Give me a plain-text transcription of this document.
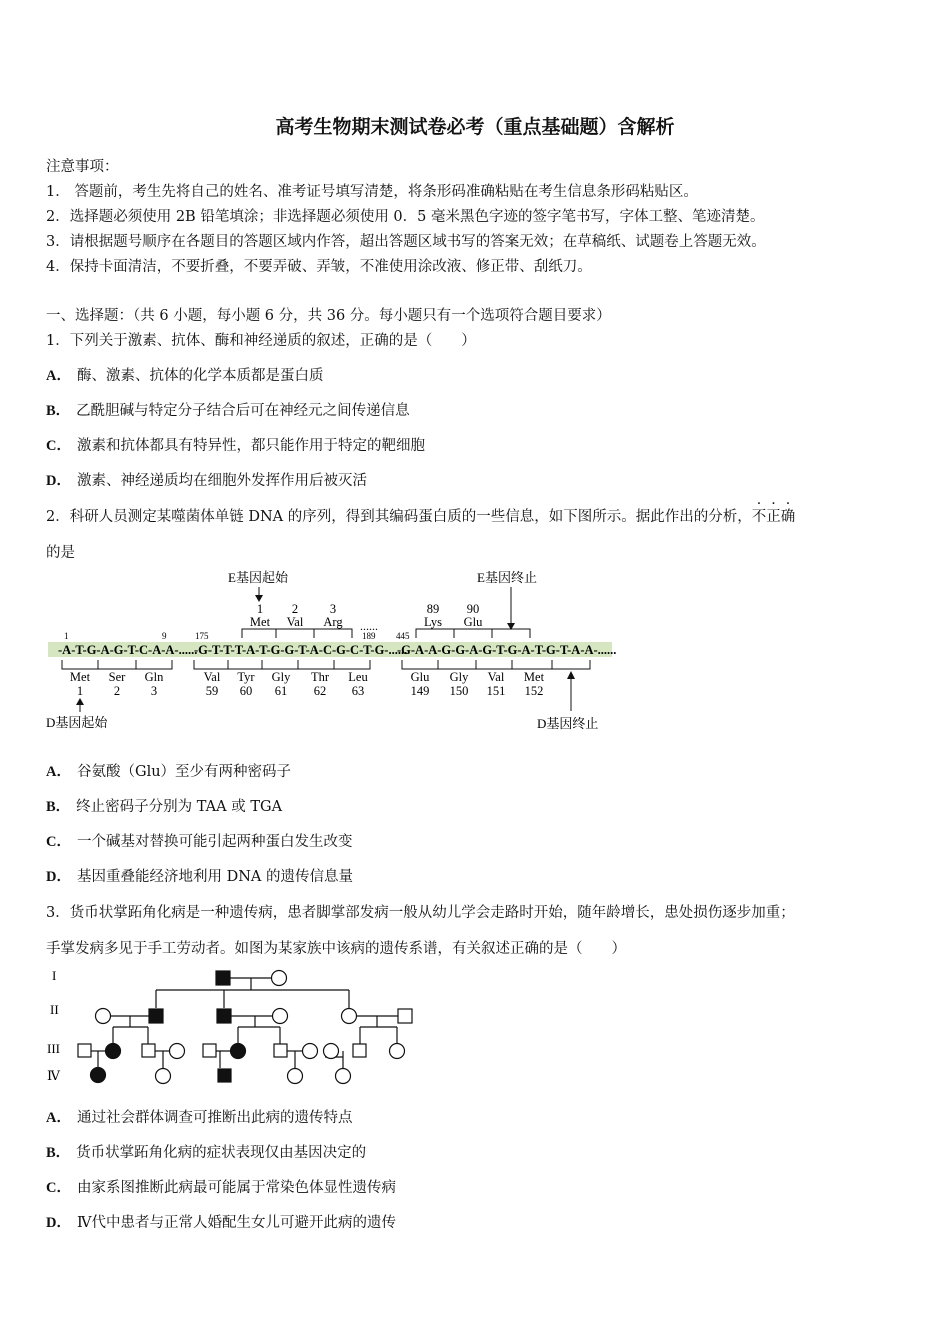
高考生物期末测试卷必考（重点基础题）含解析
注意事项：
1． 答题前，考生先将自己的姓名、准考证号填写清楚，将条形码准确粘贴在考生信息条形码粘贴区。
2．选择题必须使用 2B 铅笔填涂；非选择题必须使用 0．5 毫米黑色字迹的签字笔书写，字体工整、笔迹清楚。
3．请根据题号顺序在各题目的答题区域内作答，超出答题区域书写的答案无效；在草稿纸、试题卷上答题无效。
4．保持卡面清洁，不要折叠，不要弄破、弄皱，不准使用涂改液、修正带、刮纸刀。
一、选择题：（共 6 小题，每小题 6 分，共 36 分。每小题只有一个选项符合题目要求）
1．下列关于激素、抗体、酶和神经递质的叙述，正确的是（　　）
A． 酶、激素、抗体的化学本质都是蛋白质
B． 乙酰胆碱与特定分子结合后可在神经元之间传递信息
C． 激素和抗体都具有特异性，都只能作用于特定的靶细胞
D． 激素、神经递质均在细胞外发挥作用后被灭活
2．科研人员测定某噬菌体单链 DNA 的序列，得到其编码蛋白质的一些信息，如下图所示。据此作出的分析，不正确
的是
E基因起始	E基因终止
1 2	3	89 90
Met Val Arg	Lys Glu
......
1	9	175	189 445
-A-T-G-A-G-T-C-A-A-......
-G-T-T-T-A-T-G-G-T-A-C-G-C-T-G-......
-G-A-A-G-G-A-G-T-G-A-T-G-T-A-A-......
Met Ser Gln	Val Tyr Gly Thr Leu	Glu Gly Val Met
1 2 3	59 60 61 62 63	149 150 151 152
D基因起始	D基因终止
A． 谷氨酸（Glu）至少有两种密码子
B． 终止密码子分别为 TAA 或 TGA
C． 一个碱基对替换可能引起两种蛋白发生改变
D． 基因重叠能经济地利用 DNA 的遗传信息量
3．货币状掌跖角化病是一种遗传病，患者脚掌部发病一般从幼儿学会走路时开始，随年龄增长，患处损伤逐步加重；
手掌发病多见于手工劳动者。如图为某家族中该病的遗传系谱，有关叙述正确的是（　　）
I
II
III
Ⅳ
A． 通过社会群体调查可推断出此病的遗传特点
B． 货币状掌跖角化病的症状表现仅由基因决定的
C． 由家系图推断此病最可能属于常染色体显性遗传病
D． Ⅳ代中患者与正常人婚配生女儿可避开此病的遗传
